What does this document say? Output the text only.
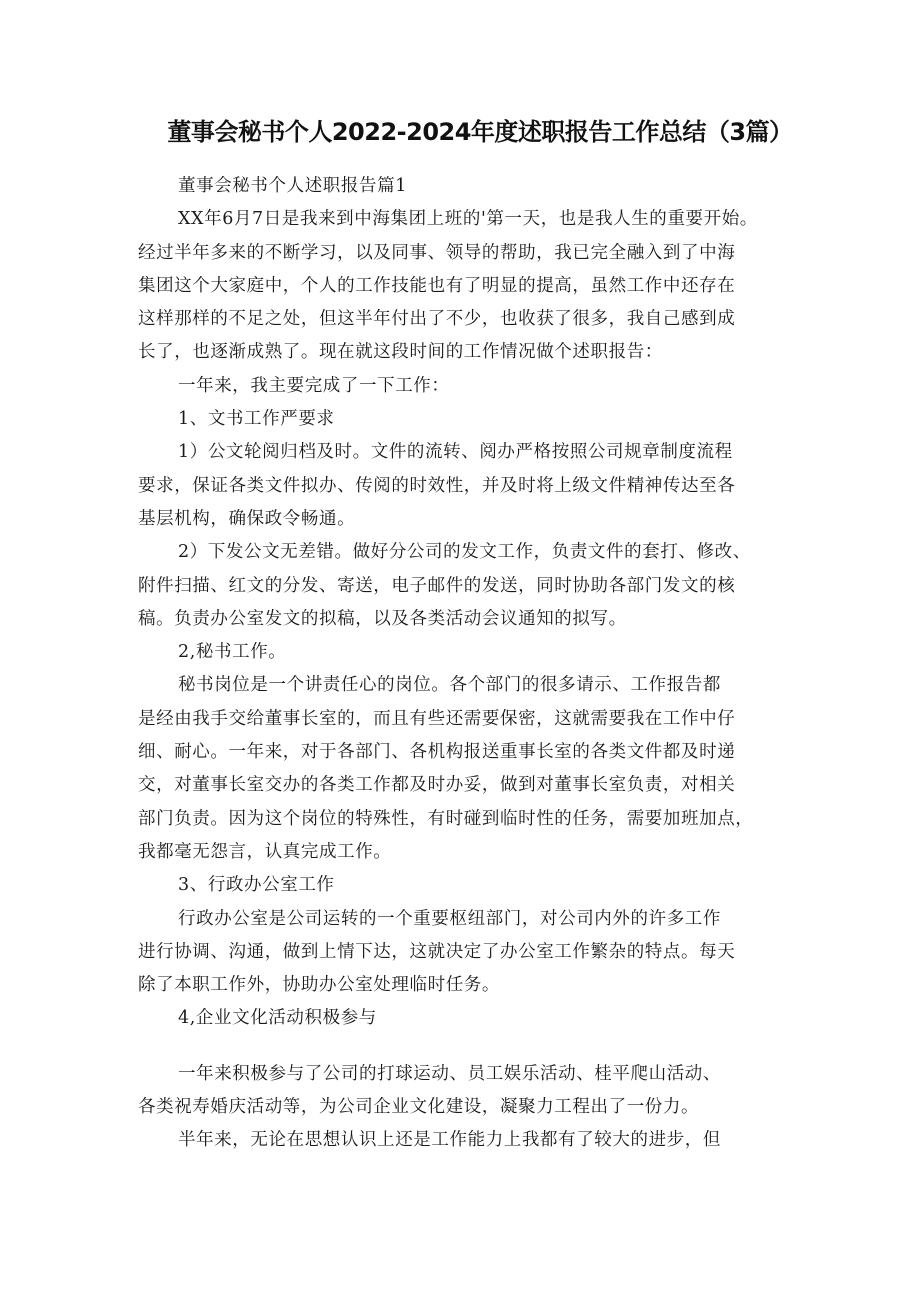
董事会秘书个人2022-2024年度述职报告工作总结（3篇）
董事会秘书个人述职报告篇1
XX年6月7日是我来到中海集团上班的'第一天，也是我人生的重要开始。
经过半年多来的不断学习，以及同事、领导的帮助，我已完全融入到了中海
集团这个大家庭中，个人的工作技能也有了明显的提高，虽然工作中还存在
这样那样的不足之处，但这半年付出了不少，也收获了很多，我自己感到成
长了，也逐渐成熟了。现在就这段时间的工作情况做个述职报告：
一年来，我主要完成了一下工作：
1、文书工作严要求
1）公文轮阅归档及时。文件的流转、阅办严格按照公司规章制度流程
要求，保证各类文件拟办、传阅的时效性，并及时将上级文件精神传达至各
基层机构，确保政令畅通。
2）下发公文无差错。做好分公司的发文工作，负责文件的套打、修改、
附件扫描、红文的分发、寄送，电子邮件的发送，同时协助各部门发文的核
稿。负责办公室发文的拟稿，以及各类活动会议通知的拟写。
2,秘书工作。
秘书岗位是一个讲责任心的岗位。各个部门的很多请示、工作报告都
是经由我手交给董事长室的，而且有些还需要保密，这就需要我在工作中仔
细、耐心。一年来，对于各部门、各机构报送重事长室的各类文件都及时递
交，对董事长室交办的各类工作都及时办妥，做到对董事长室负责，对相关
部门负责。因为这个岗位的特殊性，有时碰到临时性的任务，需要加班加点，
我都毫无怨言，认真完成工作。
3、行政办公室工作
行政办公室是公司运转的一个重要枢纽部门，对公司内外的许多工作
进行协调、沟通，做到上情下达，这就决定了办公室工作繁杂的特点。每天
除了本职工作外，协助办公室处理临时任务。
4,企业文化活动积极参与
一年来积极参与了公司的打球运动、员工娱乐活动、桂平爬山活动、
各类祝寿婚庆活动等，为公司企业文化建设，凝聚力工程出了一份力。
半年来，无论在思想认识上还是工作能力上我都有了较大的进步，但
